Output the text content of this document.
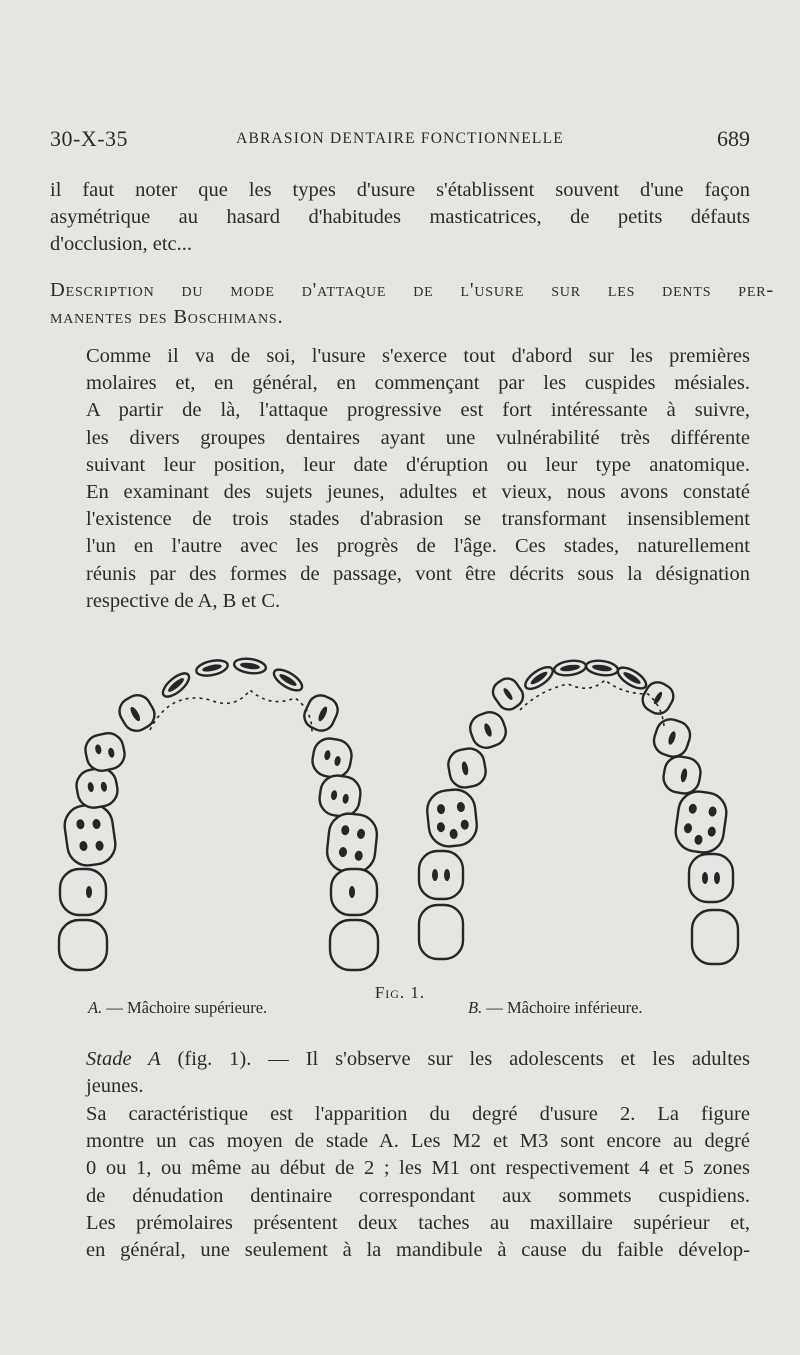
30-X-35	ABRASION DENTAIRE FONCTIONNELLE	689
il faut noter que les types d'usure s'établissent souvent d'une façon
asymétrique au hasard d'habitudes masticatrices, de petits défauts
d'occlusion, etc...
Description du mode d'attaque de l'usure sur les dents per-
manentes des Boschimans.
Comme il va de soi, l'usure s'exerce tout d'abord sur les premières
molaires et, en général, en commençant par les cuspides mésiales.
A partir de là, l'attaque progressive est fort intéressante à suivre,
les divers groupes dentaires ayant une vulnérabilité très différente
suivant leur position, leur date d'éruption ou leur type anatomique.
En examinant des sujets jeunes, adultes et vieux, nous avons constaté
l'existence de trois stades d'abrasion se transformant insensiblement
l'un en l'autre avec les progrès de l'âge. Ces stades, naturellement
réunis par des formes de passage, vont être décrits sous la désignation
respective de A, B et C.
Fig. 1.
A. — Mâchoire supérieure.	B. — Mâchoire inférieure.
Stade A (fig. 1). — Il s'observe sur les adolescents et les adultes
jeunes.
Sa caractéristique est l'apparition du degré d'usure 2. La figure
montre un cas moyen de stade A. Les M2 et M3 sont encore au degré
0 ou 1, ou même au début de 2 ; les M1 ont respectivement 4 et 5 zones
de dénudation dentinaire correspondant aux sommets cuspidiens.
Les prémolaires présentent deux taches au maxillaire supérieur et,
en général, une seulement à la mandibule à cause du faible dévelop-
